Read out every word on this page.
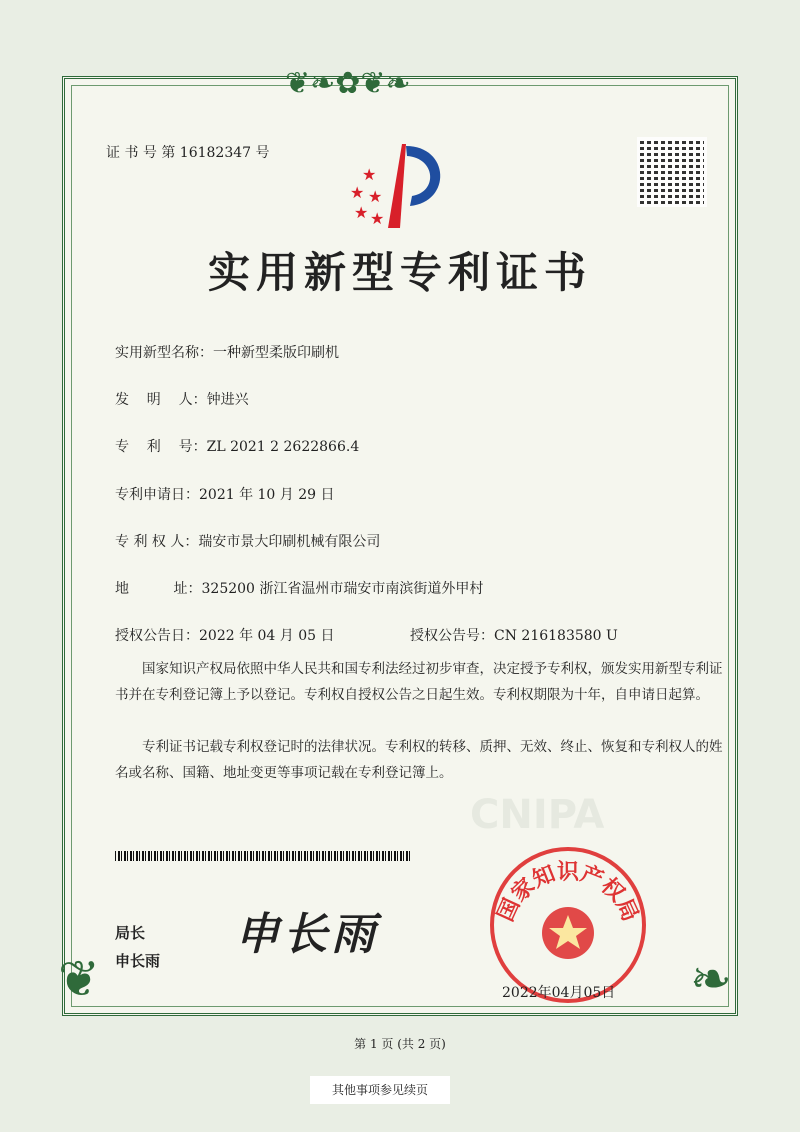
CNIPA
❦❧✿❦❧
❦	❧
证 书 号 第 16182347 号
★
★ ★
★ ★
实用新型专利证书
实用新型名称：一种新型柔版印刷机
发    明    人：钟进兴
专    利    号：ZL 2021 2 2622866.4
专利申请日：2021 年 10 月 29 日
专 利 权 人：瑞安市景大印刷机械有限公司
地          址：325200 浙江省温州市瑞安市南滨街道外甲村
授权公告日：2022 年 04 月 05 日	授权公告号：CN 216183580 U
国家知识产权局依照中华人民共和国专利法经过初步审查，决定授予专利权，颁发实用新型专利证书并在专利登记簿上予以登记。专利权自授权公告之日起生效。专利权期限为十年，自申请日起算。
专利证书记载专利权登记时的法律状况。专利权的转移、质押、无效、终止、恢复和专利权人的姓名或名称、国籍、地址变更等事项记载在专利登记簿上。
局长
申长雨
申长雨	国家知识产权局
2022年04月05日
第 1 页 (共 2 页)
其他事项参见续页
